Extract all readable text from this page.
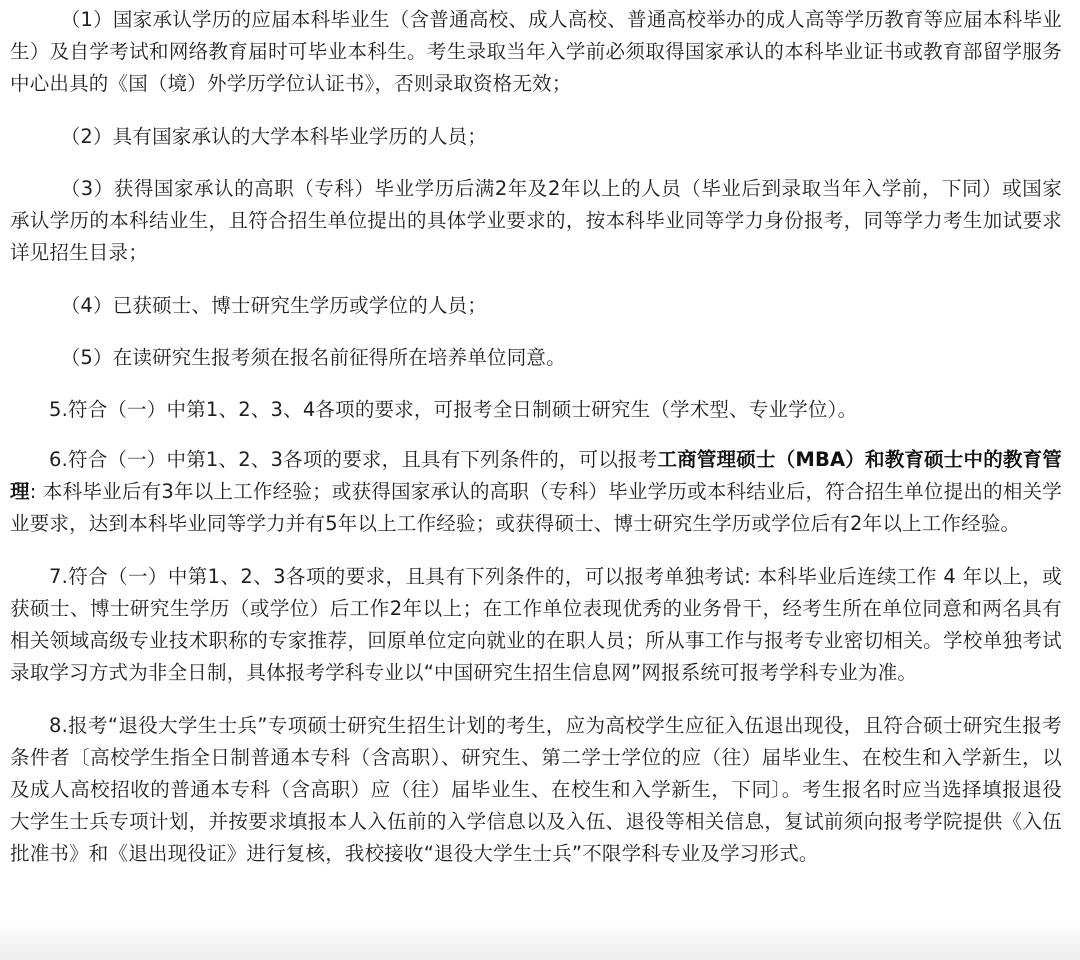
（1）国家承认学历的应届本科毕业生（含普通高校、成人高校、普通高校举办的成人高等学历教育等应届本科毕业生）及自学考试和网络教育届时可毕业本科生。考生录取当年入学前必须取得国家承认的本科毕业证书或教育部留学服务中心出具的《国（境）外学历学位认证书》，否则录取资格无效；

（2）具有国家承认的大学本科毕业学历的人员；

（3）获得国家承认的高职（专科）毕业学历后满2年及2年以上的人员（毕业后到录取当年入学前，下同）或国家承认学历的本科结业生，且符合招生单位提出的具体学业要求的，按本科毕业同等学力身份报考，同等学力考生加试要求详见招生目录；

（4）已获硕士、博士研究生学历或学位的人员；

（5）在读研究生报考须在报名前征得所在培养单位同意。

5.符合（一）中第1、2、3、4各项的要求，可报考全日制硕士研究生（学术型、专业学位）。

6.符合（一）中第1、2、3各项的要求，且具有下列条件的，可以报考工商管理硕士（MBA）和教育硕士中的教育管理: 本科毕业后有3年以上工作经验；或获得国家承认的高职（专科）毕业学历或本科结业后，符合招生单位提出的相关学业要求，达到本科毕业同等学力并有5年以上工作经验；或获得硕士、博士研究生学历或学位后有2年以上工作经验。

7.符合（一）中第1、2、3各项的要求，且具有下列条件的，可以报考单独考试: 本科毕业后连续工作 4 年以上，或获硕士、博士研究生学历（或学位）后工作2年以上；在工作单位表现优秀的业务骨干，经考生所在单位同意和两名具有相关领域高级专业技术职称的专家推荐，回原单位定向就业的在职人员；所从事工作与报考专业密切相关。学校单独考试录取学习方式为非全日制，具体报考学科专业以“中国研究生招生信息网”网报系统可报考学科专业为准。

8.报考“退役大学生士兵”专项硕士研究生招生计划的考生，应为高校学生应征入伍退出现役，且符合硕士研究生报考条件者〔高校学生指全日制普通本专科（含高职）、研究生、第二学士学位的应（往）届毕业生、在校生和入学新生，以及成人高校招收的普通本专科（含高职）应（往）届毕业生、在校生和入学新生，下同〕。考生报名时应当选择填报退役大学生士兵专项计划，并按要求填报本人入伍前的入学信息以及入伍、退役等相关信息，复试前须向报考学院提供《入伍批准书》和《退出现役证》进行复核，我校接收“退役大学生士兵”不限学科专业及学习形式。
